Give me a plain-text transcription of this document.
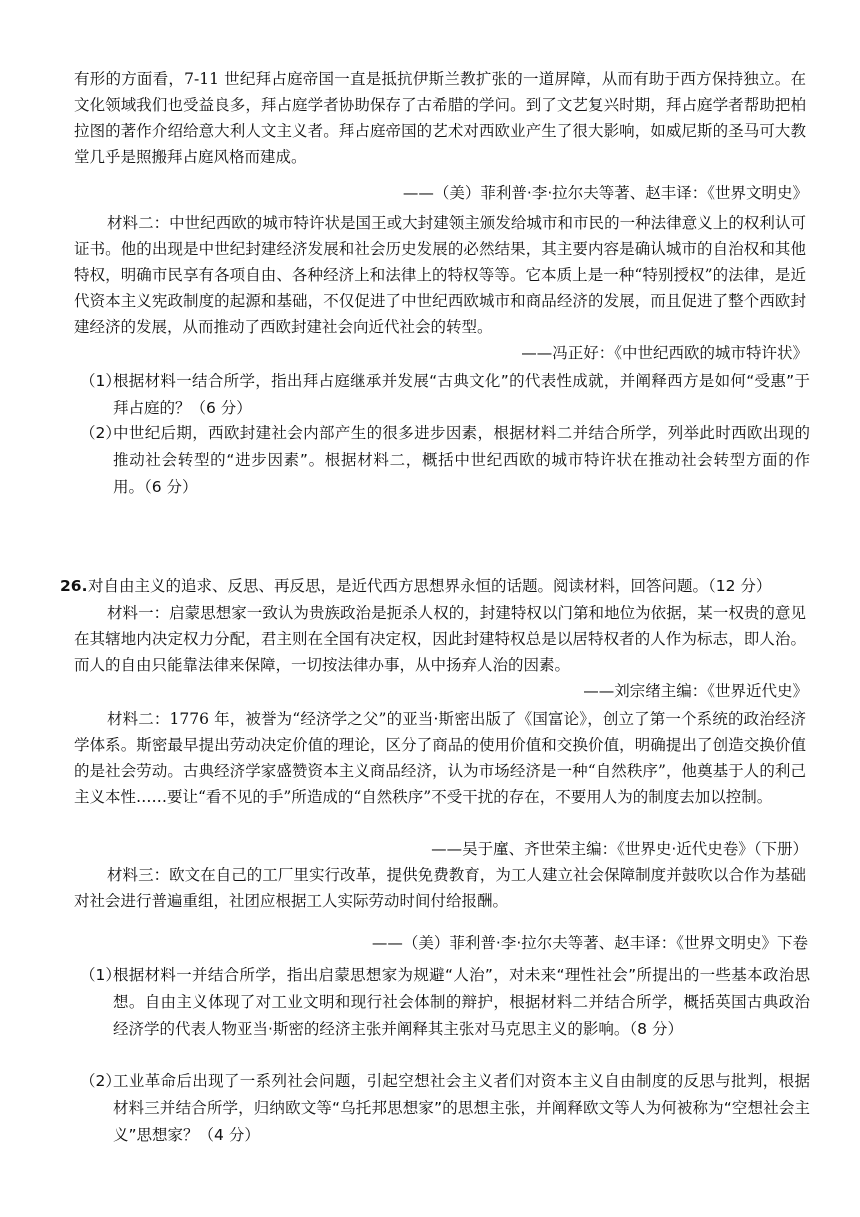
有形的方面看，7-11 世纪拜占庭帝国一直是抵抗伊斯兰教扩张的一道屏障，从而有助于西方保持独立。在文化领域我们也受益良多，拜占庭学者协助保存了古希腊的学问。到了文艺复兴时期，拜占庭学者帮助把柏拉图的著作介绍给意大利人文主义者。拜占庭帝国的艺术对西欧业产生了很大影响，如威尼斯的圣马可大教堂几乎是照搬拜占庭风格而建成。

——（美）菲利普·李·拉尔夫等著、赵丰译：《世界文明史》

材料二：中世纪西欧的城市特许状是国王或大封建领主颁发给城市和市民的一种法律意义上的权利认可证书。他的出现是中世纪封建经济发展和社会历史发展的必然结果，其主要内容是确认城市的自治权和其他特权，明确市民享有各项自由、各种经济上和法律上的特权等等。它本质上是一种“特别授权”的法律，是近代资本主义宪政制度的起源和基础，不仅促进了中世纪西欧城市和商品经济的发展，而且促进了整个西欧封建经济的发展，从而推动了西欧封建社会向近代社会的转型。

——冯正好：《中世纪西欧的城市特许状》
（1）
根据材料一结合所学，指出拜占庭继承并发展“古典文化”的代表性成就，并阐释西方是如何“受惠”于拜占庭的？（6 分）
（2）
中世纪后期，西欧封建社会内部产生的很多进步因素，根据材料二并结合所学，列举此时西欧出现的推动社会转型的“进步因素”。根据材料二，概括中世纪西欧的城市特许状在推动社会转型方面的作用。（6 分）
26. 对自由主义的追求、反思、再反思，是近代西方思想界永恒的话题。阅读材料，回答问题。（12 分）

材料一：启蒙思想家一致认为贵族政治是扼杀人权的，封建特权以门第和地位为依据，某一权贵的意见在其辖地内决定权力分配，君主则在全国有决定权，因此封建特权总是以居特权者的人作为标志，即人治。而人的自由只能靠法律来保障，一切按法律办事，从中扬弃人治的因素。

——刘宗绪主编：《世界近代史》

材料二：1776 年，被誉为“经济学之父”的亚当·斯密出版了《国富论》，创立了第一个系统的政治经济学体系。斯密最早提出劳动决定价值的理论，区分了商品的使用价值和交换价值，明确提出了创造交换价值的是社会劳动。古典经济学家盛赞资本主义商品经济，认为市场经济是一种“自然秩序”，他奠基于人的利己主义本性……要让“看不见的手”所造成的“自然秩序”不受干扰的存在，不要用人为的制度去加以控制。

——吴于廑、齐世荣主编：《世界史·近代史卷》（下册）

材料三：欧文在自己的工厂里实行改革，提供免费教育，为工人建立社会保障制度并鼓吹以合作为基础对社会进行普遍重组，社团应根据工人实际劳动时间付给报酬。

——（美）菲利普·李·拉尔夫等著、赵丰译：《世界文明史》下卷
（1）
根据材料一并结合所学，指出启蒙思想家为规避“人治”，对未来“理性社会”所提出的一些基本政治思想。自由主义体现了对工业文明和现行社会体制的辩护，根据材料二并结合所学，概括英国古典政治经济学的代表人物亚当·斯密的经济主张并阐释其主张对马克思主义的影响。（8 分）
（2）
工业革命后出现了一系列社会问题，引起空想社会主义者们对资本主义自由制度的反思与批判，根据材料三并结合所学，归纳欧文等“乌托邦思想家”的思想主张，并阐释欧文等人为何被称为“空想社会主义”思想家？（4 分）
